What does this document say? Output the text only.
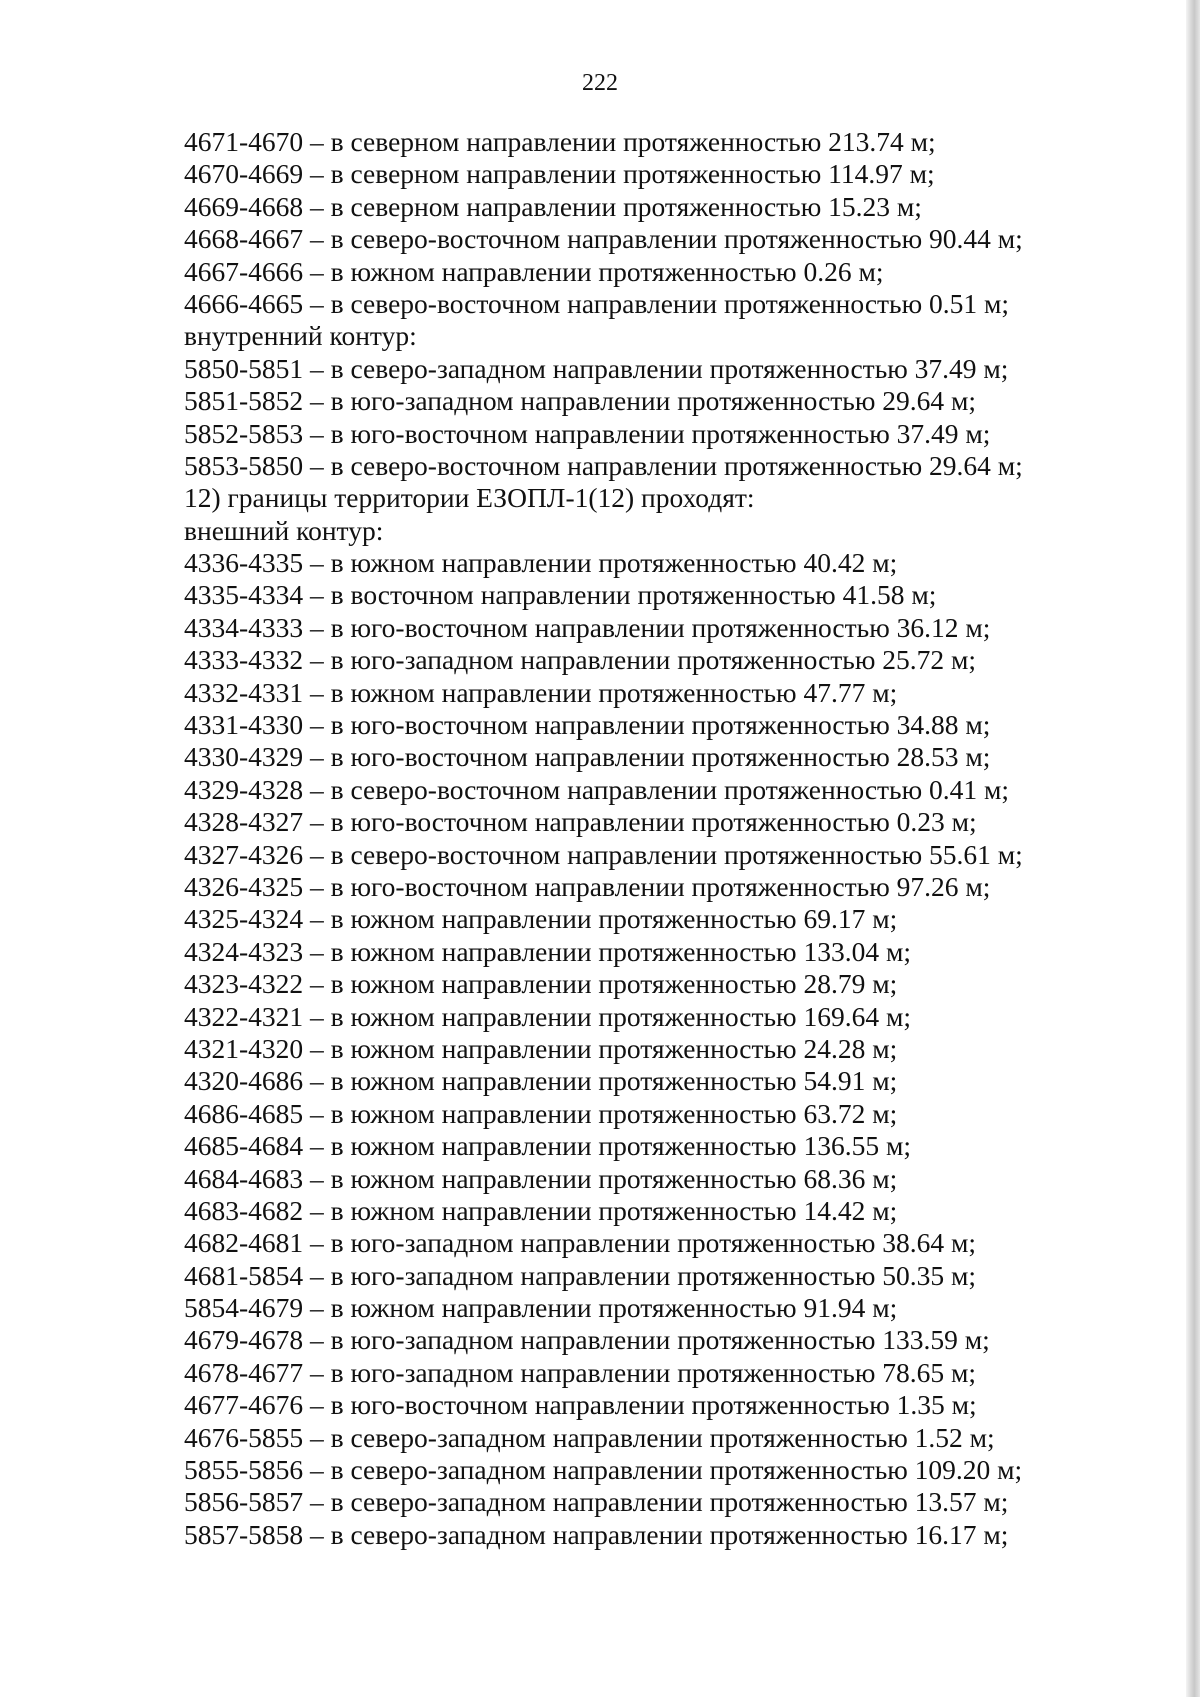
222
4671-4670 – в северном направлении протяженностью 213.74 м;
4670-4669 – в северном направлении протяженностью 114.97 м;
4669-4668 – в северном направлении протяженностью 15.23 м;
4668-4667 – в северо-восточном направлении протяженностью 90.44 м;
4667-4666 – в южном направлении протяженностью 0.26 м;
4666-4665 – в северо-восточном направлении протяженностью 0.51 м;
внутренний контур:
5850-5851 – в северо-западном направлении протяженностью 37.49 м;
5851-5852 – в юго-западном направлении протяженностью 29.64 м;
5852-5853 – в юго-восточном направлении протяженностью 37.49 м;
5853-5850 – в северо-восточном направлении протяженностью 29.64 м;
12) границы территории ЕЗОПЛ-1(12) проходят:
внешний контур:
4336-4335 – в южном направлении протяженностью 40.42 м;
4335-4334 – в восточном направлении протяженностью 41.58 м;
4334-4333 – в юго-восточном направлении протяженностью 36.12 м;
4333-4332 – в юго-западном направлении протяженностью 25.72 м;
4332-4331 – в южном направлении протяженностью 47.77 м;
4331-4330 – в юго-восточном направлении протяженностью 34.88 м;
4330-4329 – в юго-восточном направлении протяженностью 28.53 м;
4329-4328 – в северо-восточном направлении протяженностью 0.41 м;
4328-4327 – в юго-восточном направлении протяженностью 0.23 м;
4327-4326 – в северо-восточном направлении протяженностью 55.61 м;
4326-4325 – в юго-восточном направлении протяженностью 97.26 м;
4325-4324 – в южном направлении протяженностью 69.17 м;
4324-4323 – в южном направлении протяженностью 133.04 м;
4323-4322 – в южном направлении протяженностью 28.79 м;
4322-4321 – в южном направлении протяженностью 169.64 м;
4321-4320 – в южном направлении протяженностью 24.28 м;
4320-4686 – в южном направлении протяженностью 54.91 м;
4686-4685 – в южном направлении протяженностью 63.72 м;
4685-4684 – в южном направлении протяженностью 136.55 м;
4684-4683 – в южном направлении протяженностью 68.36 м;
4683-4682 – в южном направлении протяженностью 14.42 м;
4682-4681 – в юго-западном направлении протяженностью 38.64 м;
4681-5854 – в юго-западном направлении протяженностью 50.35 м;
5854-4679 – в южном направлении протяженностью 91.94 м;
4679-4678 – в юго-западном направлении протяженностью 133.59 м;
4678-4677 – в юго-западном направлении протяженностью 78.65 м;
4677-4676 – в юго-восточном направлении протяженностью 1.35 м;
4676-5855 – в северо-западном направлении протяженностью 1.52 м;
5855-5856 – в северо-западном направлении протяженностью 109.20 м;
5856-5857 – в северо-западном направлении протяженностью 13.57 м;
5857-5858 – в северо-западном направлении протяженностью 16.17 м;
